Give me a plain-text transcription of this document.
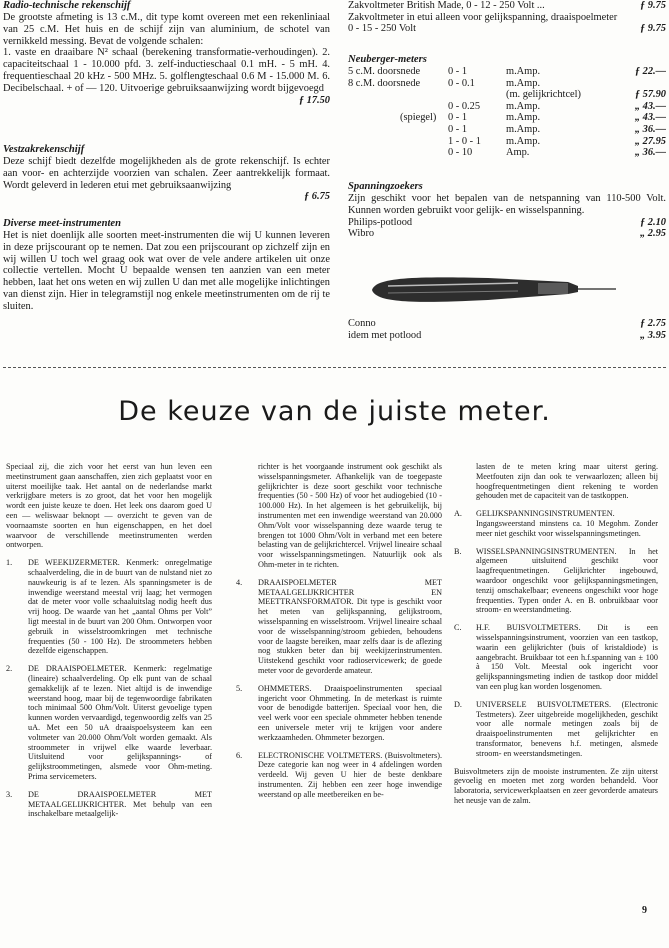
Radio-technische rekenschijf

De grootste afmeting is 13 c.M., dit type komt overeen met een rekenliniaal van 25 c.M. Het huis en de schijf zijn van aluminium, de schotel van vernikkeld messing. Bevat de volgende schalen:

1. vaste en draaibare N² schaal (berekening transformatie-verhoudingen). 2. capaciteitschaal 1 - 10.000 pfd. 3. zelf-inductieschaal 0.1 mH. - 5 mH. 4. frequentieschaal 20 kHz - 500 MHz. 5. golflengteschaal 0.6 M - 15.000 M. 6. Decibelschaal. + of — 120. Uitvoerige gebruiksaanwijzing wordt bijgevoegd

ƒ 17.50
Vestzakrekenschijf

Deze schijf biedt dezelfde mogelijkheden als de grote rekenschijf. Is echter aan voor- en achterzijde voorzien van schalen. Zeer aantrekkelijk formaat. Wordt geleverd in lederen etui met gebruiksaanwijzing

ƒ 6.75
Diverse meet-instrumenten

Het is niet doenlijk alle soorten meet-instrumenten die wij U kunnen leveren in deze prijscourant op te nemen. Dat zou een prijscourant op zichzelf zijn en wij willen U toch wel graag ook wat over de vele andere artikelen uit onze collectie vertellen. Mocht U bepaalde wensen ten aanzien van een meter hebben, laat het ons weten en wij zullen U dan met alle mogelijke inlichtingen van dienst zijn. Hier in telegramstijl nog enkele meetinstrumenten om de rij te sluiten.

Zakvoltmeter British Made, 0 - 12 - 250 Volt ...	ƒ 9.75

Zakvoltmeter in etui alleen voor gelijkspanning, draaispoelmeter 0 - 15 - 250 Volt	ƒ 9.75
Neuberger-meters
5 c.M. doorsnede	0 - 1	m.Amp.	ƒ 22.—
8 c.M. doorsnede	0 - 0.1	m.Amp.
(m. gelijkrichtcel)	ƒ 57.90
0 - 0.25 m.Amp.	„ 43.—
(spiegel) 0 - 1	m.Amp.	„ 43.—
0 - 1	m.Amp.	„ 36.—
1 - 0 - 1 m.Amp.	„ 27.95
0 - 10	Amp.	„ 36.—
Spanningzoekers

Zijn geschikt voor het bepalen van de netspanning van 110-500 Volt. Kunnen worden gebruikt voor gelijk- en wisselspanning.

Philips-potlood	ƒ 2.10
Wibro	„ 2.95
Conno	ƒ 2.75
idem met potlood	„ 3.95
De keuze van de juiste meter.

Speciaal zij, die zich voor het eerst van hun leven een meetinstrument gaan aanschaffen, zien zich geplaatst voor en uiterst moeilijke taak. Het aantal on de nederlandse markt verkrijgbare meters is zo groot, dat het voor hen mogelijk wordt een juiste keuze te doen. Het leek ons daarom goed U een — weliswaar beknopt — overzicht te geven van de voornaamste soorten en hun eigenschappen, en het doel waarvoor de verschillende meetinstrumenten werden ontworpen.

1.	DE WEEKIJZERMETER. Kenmerk: onregelmatige schaalverdeling, die in de buurt van de nulstand niet zo nauwkeurig is af te lezen. Als spanningsmeter is de inwendige weerstand meestal vrij laag; het vermogen dat de meter voor volle schaaluitslag nodig heeft dus vrij hoog. De waarde van het „aantal Ohms per Volt” ligt meestal in de buurt van 200 Ohm. Ontworpen voor gebruik in wisselstroomkringen met technische frequenties (50 - 100 Hz). De stroommeters hebben dezelfde eigenschappen.

2.	DE DRAAISPOELMETER. Kenmerk: regelmatige (lineaire) schaalverdeling. Op elk punt van de schaal gemakkelijk af te lezen. Niet altijd is de inwendige weerstand hoog, maar bij de tegenwoordige fabrikaten toch minimaal 500 Ohm/Volt. Uiterst gevoelige typen kunnen worden vervaardigd, tegenwoordig zelfs van 25 uA. Met een 50 uA draaispoelsysteem kan een voltmeter van 20.000 Ohm/Volt worden gemaakt. Als stroommeter in vrijwel elke waarde leverbaar. Uitsluitend voor gelijkspannings- of gelijkstroommetingen, alsmede voor Ohm-meting. Prima servicemeters.

3.	DE DRAAISPOELMETER MET METAALGELIJKRICHTER. Met behulp van een inschakelbare metaalgelijk-

richter is het voorgaande instrument ook geschikt als wisselspanningsmeter. Afhankelijk van de toegepaste gelijkrichter is deze soort geschikt voor technische frequenties (50 - 500 Hz) of voor het audiogebied (10 - 100.000 Hz). In het algemeen is het gebruikelijk, bij instrumenten met een inwendige weerstand van 20.000 Ohm/Volt voor wisselspanning deze waarde terug te brengen tot 1000 Ohm/Volt in verband met een betere belasting van de gelijkrichtercel. Vrijwel lineaire schaal voor wisselspanningsmetingen. Natuurlijk ook als Ohm-meter in te richten.

4.	DRAAISPOELMETER MET METAALGELIJKRICHTER EN MEETTRANSFORMATOR. Dit type is geschikt voor het meten van gelijkspanning, gelijkstroom, wisselspanning en wisselstroom. Vrijwel lineaire schaal voor de wisselspanning/stroom gebieden, behoudens voor de laagste bereiken, maar zelfs daar is de aflezing nog stukken beter dan bij weekijzerinstrumenten. Uitstekend geschikt voor radioservicewerk; de goede meter voor de gevorderde amateur.

5.	OHMMETERS. Draaispoelinstrumenten speciaal ingericht voor Ohmmeting. In de meterkast is ruimte voor de benodigde batterijen. Speciaal voor hen, die veel werk voor een speciale ohmmeter hebben tenende een universele meter vrij te krijgen voor andere werkzaamheden. Ohmmeter bezorgen.

6.	ELECTRONISCHE VOLTMETERS. (Buisvoltmeters). Deze categorie kan nog weer in 4 afdelingen worden verdeeld. Wij geven U hier de beste denkbare instrumenten. Zij hebben een zeer hoge inwendige weerstand op alle meetbereiken en be-

lasten de te meten kring maar uiterst gering. Meetfouten zijn dan ook te verwaarlozen; alleen bij hoogfrequentmetingen dient rekening te worden gehouden met de capaciteit van de tastkoppen.

A.	GELIJKSPANNINGSINSTRUMENTEN. Ingangsweerstand minstens ca. 10 Megohm. Zonder meer niet geschikt voor wisselspanningsmetingen.

B.	WISSELSPANNINGSINSTRUMENTEN. In het algemeen uitsluitend geschikt voor laagfrequentmetingen. Gelijkrichter ingebouwd, waardoor ongeschikt voor gelijkspanningsmetingen, tenzij omschakelbaar; eveneens ongeschikt voor hoge frequenties. Typen onder A. en B. onbruikbaar voor stroom- en weerstandmeting.

C.	H.F. BUISVOLTMETERS. Dit is een wisselspanningsinstrument, voorzien van een tastkop, waarin een gelijkrichter (buis of kristaldiode) is aangebracht. Bruikbaar tot een h.f.spanning van ± 100 à 150 Volt. Meestal ook ingericht voor gelijkspanningsmeting indien de tastkop door middel van een plug kan worden losgenomen.

D.	UNIVERSELE BUISVOLTMETERS. (Electronic Testmeters). Zeer uitgebreide mogelijkheden, geschikt voor alle normale metingen zoals bij de draaispoelinstrumenten met gelijkrichter en transformator, benevens h.f. metingen, alsmede stroom- en weerstandsmetingen.

Buisvoltmeters zijn de mooiste instrumenten. Ze zijn uiterst gevoelig en moeten met zorg worden behandeld. Voor laboratoria, servicewerkplaatsen en zeer gevorderde amateurs het neusje van de zalm.

9
